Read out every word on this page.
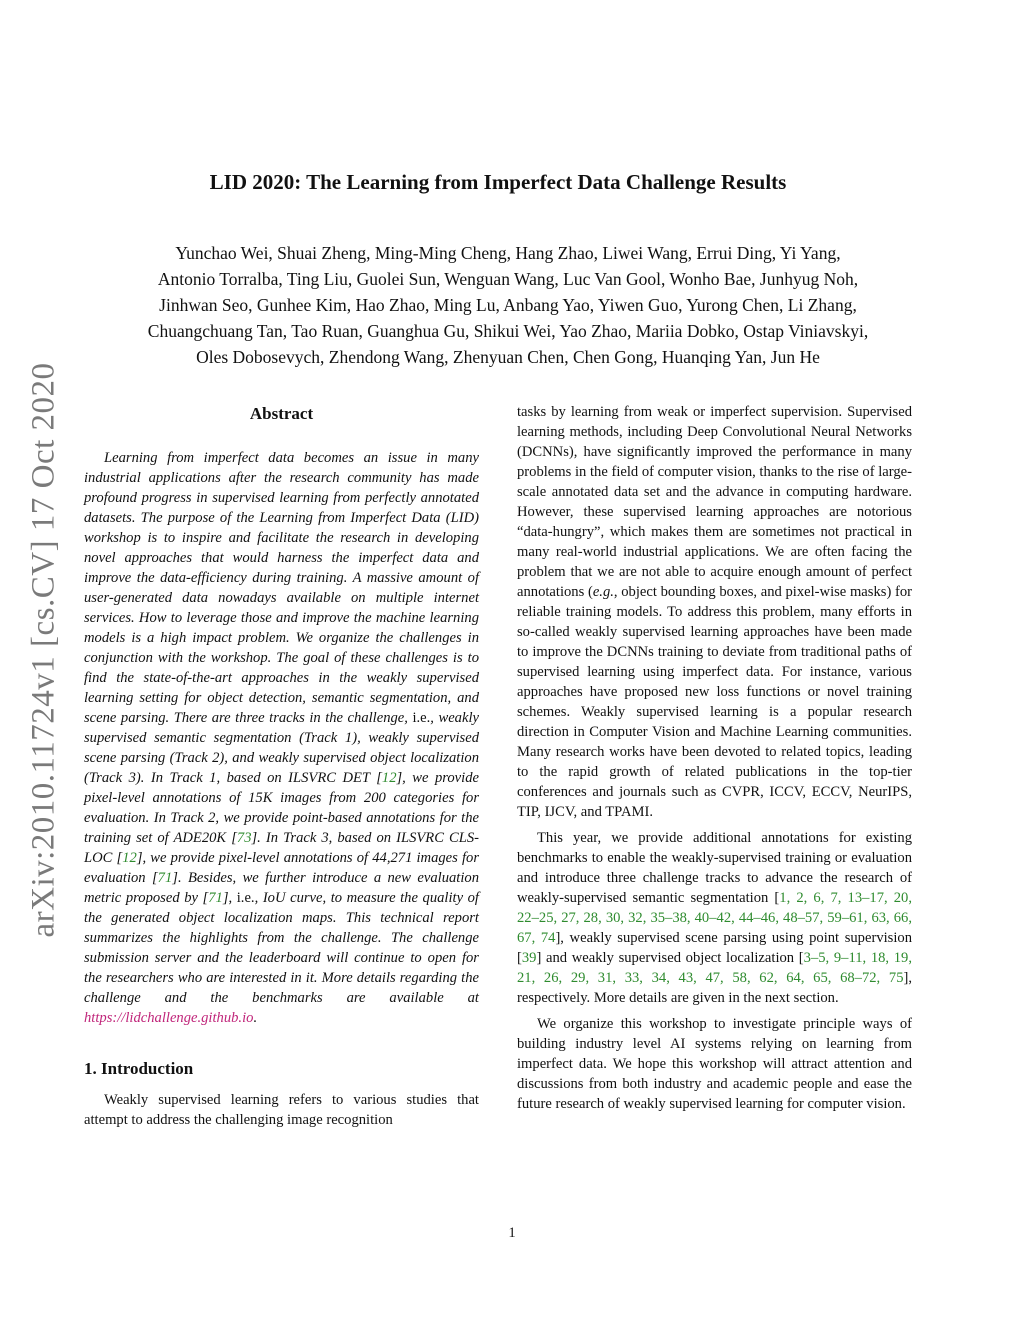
arXiv:2010.11724v1 [cs.CV] 17 Oct 2020
LID 2020: The Learning from Imperfect Data Challenge Results
Yunchao Wei, Shuai Zheng, Ming-Ming Cheng, Hang Zhao, Liwei Wang, Errui Ding, Yi Yang,
Antonio Torralba, Ting Liu, Guolei Sun, Wenguan Wang, Luc Van Gool, Wonho Bae, Junhyug Noh,
Jinhwan Seo, Gunhee Kim, Hao Zhao, Ming Lu, Anbang Yao, Yiwen Guo, Yurong Chen, Li Zhang,
Chuangchuang Tan, Tao Ruan, Guanghua Gu, Shikui Wei, Yao Zhao, Mariia Dobko, Ostap Viniavskyi,
Oles Dobosevych, Zhendong Wang, Zhenyuan Chen, Chen Gong, Huanqing Yan, Jun He
Abstract

Learning from imperfect data becomes an issue in many industrial applications after the research community has made profound progress in supervised learning from perfectly annotated datasets. The purpose of the Learning from Imperfect Data (LID) workshop is to inspire and facilitate the research in developing novel approaches that would harness the imperfect data and improve the data-efficiency during training. A massive amount of user-generated data nowadays available on multiple internet services. How to leverage those and improve the machine learning models is a high impact problem. We organize the challenges in conjunction with the workshop. The goal of these challenges is to find the state-of-the-art approaches in the weakly supervised learning setting for object detection, semantic segmentation, and scene parsing. There are three tracks in the challenge, i.e., weakly supervised semantic segmentation (Track 1), weakly supervised scene parsing (Track 2), and weakly supervised object localization (Track 3). In Track 1, based on ILSVRC DET [12], we provide pixel-level annotations of 15K images from 200 categories for evaluation. In Track 2, we provide point-based annotations for the training set of ADE20K [73]. In Track 3, based on ILSVRC CLS-LOC [12], we provide pixel-level annotations of 44,271 images for evaluation [71]. Besides, we further introduce a new evaluation metric proposed by [71], i.e., IoU curve, to measure the quality of the generated object localization maps. This technical report summarizes the highlights from the challenge. The challenge submission server and the leaderboard will continue to open for the researchers who are interested in it. More details regarding the challenge and the benchmarks are available at https://lidchallenge.github.io.

1. Introduction

Weakly supervised learning refers to various studies that attempt to address the challenging image recognition

tasks by learning from weak or imperfect supervision. Supervised learning methods, including Deep Convolutional Neural Networks (DCNNs), have significantly improved the performance in many problems in the field of computer vision, thanks to the rise of large-scale annotated data set and the advance in computing hardware. However, these supervised learning approaches are notorious “data-hungry”, which makes them are sometimes not practical in many real-world industrial applications. We are often facing the problem that we are not able to acquire enough amount of perfect annotations (e.g., object bounding boxes, and pixel-wise masks) for reliable training models. To address this problem, many efforts in so-called weakly supervised learning approaches have been made to improve the DCNNs training to deviate from traditional paths of supervised learning using imperfect data. For instance, various approaches have proposed new loss functions or novel training schemes. Weakly supervised learning is a popular research direction in Computer Vision and Machine Learning communities. Many research works have been devoted to related topics, leading to the rapid growth of related publications in the top-tier conferences and journals such as CVPR, ICCV, ECCV, NeurIPS, TIP, IJCV, and TPAMI.

This year, we provide additional annotations for existing benchmarks to enable the weakly-supervised training or evaluation and introduce three challenge tracks to advance the research of weakly-supervised semantic segmentation [1, 2, 6, 7, 13–17, 20, 22–25, 27, 28, 30, 32, 35–38, 40–42, 44–46, 48–57, 59–61, 63, 66, 67, 74], weakly supervised scene parsing using point supervision [39] and weakly supervised object localization [3–5, 9–11, 18, 19, 21, 26, 29, 31, 33, 34, 43, 47, 58, 62, 64, 65, 68–72, 75], respectively. More details are given in the next section.

We organize this workshop to investigate principle ways of building industry level AI systems relying on learning from imperfect data. We hope this workshop will attract attention and discussions from both industry and academic people and ease the future research of weakly supervised learning for computer vision.

1
